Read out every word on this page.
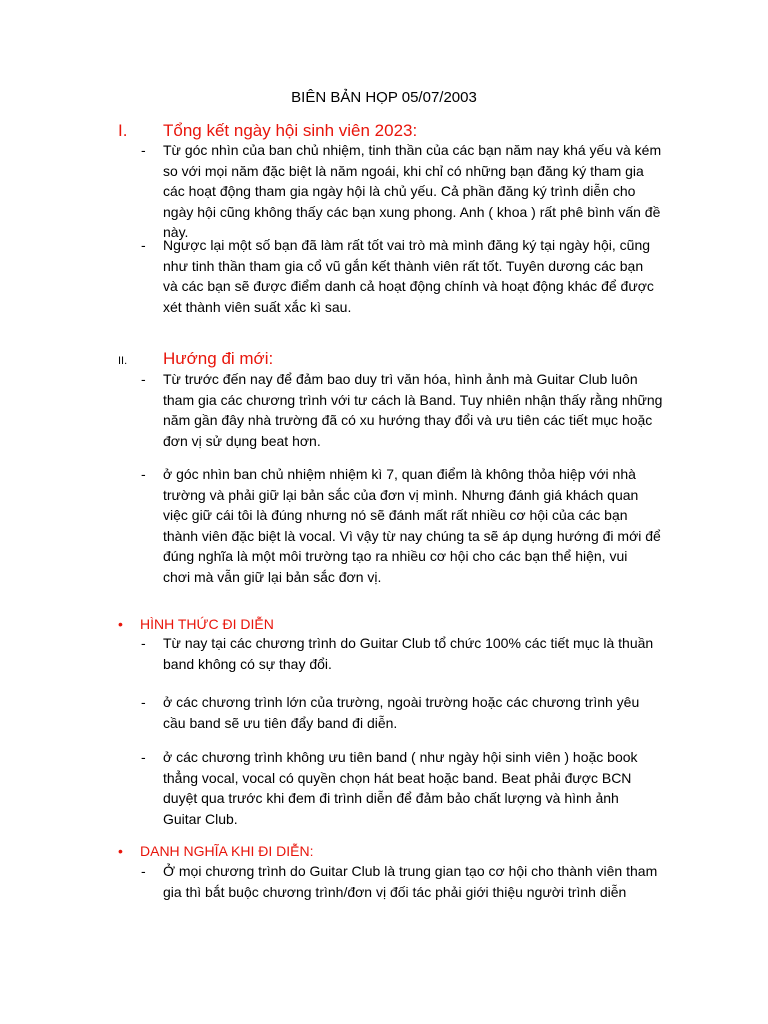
BIÊN BẢN HỌP 05/07/2003
I. Tổng kết ngày hội sinh viên 2023:
- Từ góc nhìn của ban chủ nhiệm, tinh thần của các bạn năm nay khá yếu và kém
so với mọi năm đặc biệt là năm ngoái, khi chỉ có những bạn đăng ký tham gia
các hoạt động tham gia ngày hội là chủ yếu. Cả phần đăng ký trình diễn cho
ngày hội cũng không thấy các bạn xung phong. Anh ( khoa ) rất phê bình vấn đề
này.
- Ngược lại một số bạn đã làm rất tốt vai trò mà mình đăng ký tại ngày hội, cũng
như tinh thần tham gia cổ vũ gắn kết thành viên rất tốt. Tuyên dương các bạn
và các bạn sẽ được điểm danh cả hoạt động chính và hoạt động khác để được
xét thành viên suất xắc kì sau.
II. Hướng đi mới:
- Từ trước đến nay để đảm bao duy trì văn hóa, hình ảnh mà Guitar Club luôn
tham gia các chương trình với tư cách là Band. Tuy nhiên nhận thấy rằng những
năm gần đây nhà trường đã có xu hướng thay đổi và ưu tiên các tiết mục hoặc
đơn vị sử dụng beat hơn.
- ở góc nhìn ban chủ nhiệm nhiệm kì 7, quan điểm là không thỏa hiệp với nhà
trường và phải giữ lại bản sắc của đơn vị mình. Nhưng đánh giá khách quan
việc giữ cái tôi là đúng nhưng nó sẽ đánh mất rất nhiều cơ hội của các bạn
thành viên đặc biệt là vocal. Vì vậy từ nay chúng ta sẽ áp dụng hướng đi mới để
đúng nghĩa là một môi trường tạo ra nhiều cơ hội cho các bạn thể hiện, vui
chơi mà vẫn giữ lại bản sắc đơn vị.
• HÌNH THỨC ĐI DIỄN
- Từ nay tại các chương trình do Guitar Club tổ chức 100% các tiết mục là thuần
band không có sự thay đổi.
- ở các chương trình lớn của trường, ngoài trường hoặc các chương trình yêu
cầu band sẽ ưu tiên đẩy band đi diễn.
- ở các chương trình không ưu tiên band ( như ngày hội sinh viên ) hoặc book
thẳng vocal, vocal có quyền chọn hát beat hoặc band. Beat phải được BCN
duyệt qua trước khi đem đi trình diễn để đảm bảo chất lượng và hình ảnh
Guitar Club.
• DANH NGHĨA KHI ĐI DIỄN:
- Ở mọi chương trình do Guitar Club là trung gian tạo cơ hội cho thành viên tham
gia thì bắt buộc chương trình/đơn vị đối tác phải giới thiệu người trình diễn
